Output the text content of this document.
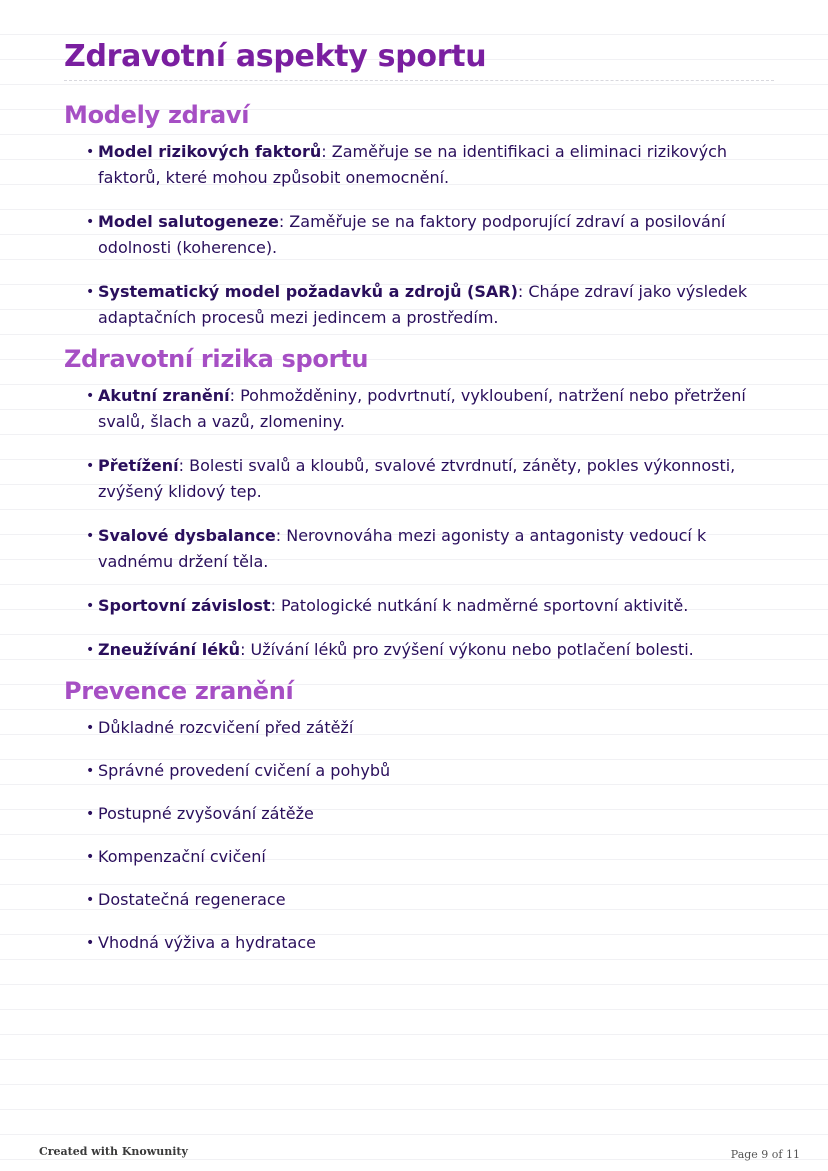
Zdravotní aspekty sportu
Modely zdraví
• Model rizikových faktorů: Zaměřuje se na identifikaci a eliminaci rizikových faktorů, které mohou způsobit onemocnění.
• Model salutogeneze: Zaměřuje se na faktory podporující zdraví a posilování odolnosti (koherence).
• Systematický model požadavků a zdrojů (SAR): Chápe zdraví jako výsledek adaptačních procesů mezi jedincem a prostředím.
Zdravotní rizika sportu
• Akutní zranění: Pohmožděniny, podvrtnutí, vykloubení, natržení nebo přetržení svalů, šlach a vazů, zlomeniny.
• Přetížení: Bolesti svalů a kloubů, svalové ztvrdnutí, záněty, pokles výkonnosti, zvýšený klidový tep.
• Svalové dysbalance: Nerovnováha mezi agonisty a antagonisty vedoucí k vadnému držení těla.
• Sportovní závislost: Patologické nutkání k nadměrné sportovní aktivitě.
• Zneužívání léků: Užívání léků pro zvýšení výkonu nebo potlačení bolesti.
Prevence zranění
• Důkladné rozcvičení před zátěží
• Správné provedení cvičení a pohybů
• Postupné zvyšování zátěže
• Kompenzační cvičení
• Dostatečná regenerace
• Vhodná výživa a hydratace
Created with Knowunity	Page 9 of 11
